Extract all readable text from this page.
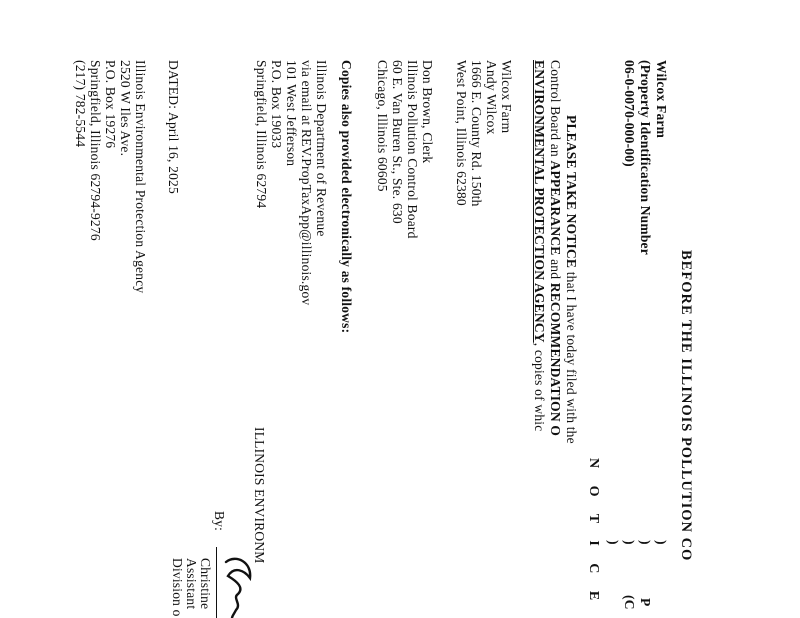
BEFORE THE ILLINOIS POLLUTION CO
Wilcox Farm
(Property Identification Number
06-0-0070-000-00)
)
)
)
)
P
(C
N O T I C E
PLEASE TAKE NOTICE that I have today filed with the
Control Board an APPEARANCE and RECOMMENDATION O
ENVIRONMENTAL PROTECTION AGENCY, copies of whic
Wilcox Farm
Andy Wilcox
1666 E. County Rd. 150th
West Point, Illinois 62380
Don Brown, Clerk
Illinois Pollution Control Board
60 E. Van Buren St., Ste. 630
Chicago, Illinois 60605
Copies also provided electronically as follows:
Illinois Department of Revenue
via email at REV.PropTaxApp@illinois.gov
101 West Jefferson
P.O. Box 19033
Springfield, Illinois 62794
ILLINOIS ENVIRONM
By:
Christine
Assistant
Division o
DATED: April 16, 2025
Illinois Environmental Protection Agency
2520 W Iles Ave.
P.O. Box 19276
Springfield, Illinois 62794-9276
(217) 782-5544
